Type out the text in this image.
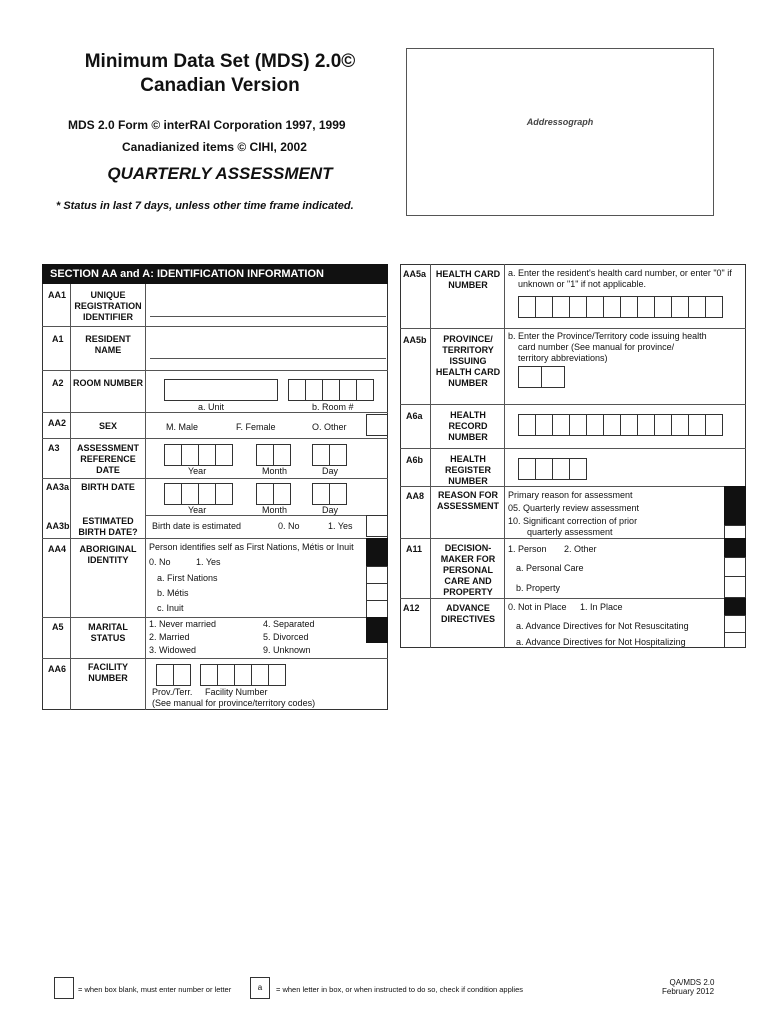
Minimum Data Set (MDS) 2.0©
Canadian Version
MDS 2.0 Form © interRAI Corporation 1997, 1999
Canadianized items © CIHI, 2002
QUARTERLY ASSESSMENT
* Status in last 7 days, unless other time frame indicated.
Addressograph
SECTION AA and A: IDENTIFICATION INFORMATION
AA1	UNIQUE REGISTRATION IDENTIFIER
A1	RESIDENT NAME
A2 ROOM NUMBER
a. Unit	b. Room #
AA2	SEX	M. Male	F. Female	O. Other
A3	ASSESSMENT REFERENCE DATE	Year	Month	Day
AA3a	BIRTH DATE
Year	Month	Day
AA3b	ESTIMATED BIRTH DATE?
Birth date is estimated	0. No	1. Yes
AA4	ABORIGINAL IDENTITY
Person identifies self as First Nations, Métis or Inuit
0. No	1. Yes
a. First Nations
b. Métis
c. Inuit
A5	MARITAL STATUS
1. Never married
2. Married
3. Widowed
4. Separated
5. Divorced
9. Unknown
AA6	FACILITY NUMBER
Prov./Terr. Facility Number
(See manual for province/territory codes)
AA5a	HEALTH CARD NUMBER
a. Enter the resident's health card number, or enter "0" if
unknown or "1" if not applicable.
AA5b	PROVINCE/ TERRITORY ISSUING HEALTH CARD NUMBER
b. Enter the Province/Territory code issuing health
card number (See manual for province/
territory abbreviations)
A6a	HEALTH RECORD NUMBER
A6b	HEALTH REGISTER NUMBER
AA8	REASON FOR ASSESSMENT
Primary reason for assessment
05. Quarterly review assessment
10. Significant correction of prior
quarterly assessment
A11	DECISION-MAKER FOR PERSONAL CARE AND PROPERTY
1. Person 2. Other
a. Personal Care
b. Property
A12	ADVANCE DIRECTIVES
0. Not in Place 1. In Place
a. Advance Directives for Not Resuscitating
a. Advance Directives for Not Hospitalizing
= when box blank, must enter number or letter	a	= when letter in box, or when instructed to do so, check if condition applies
QA/MDS 2.0
February 2012
